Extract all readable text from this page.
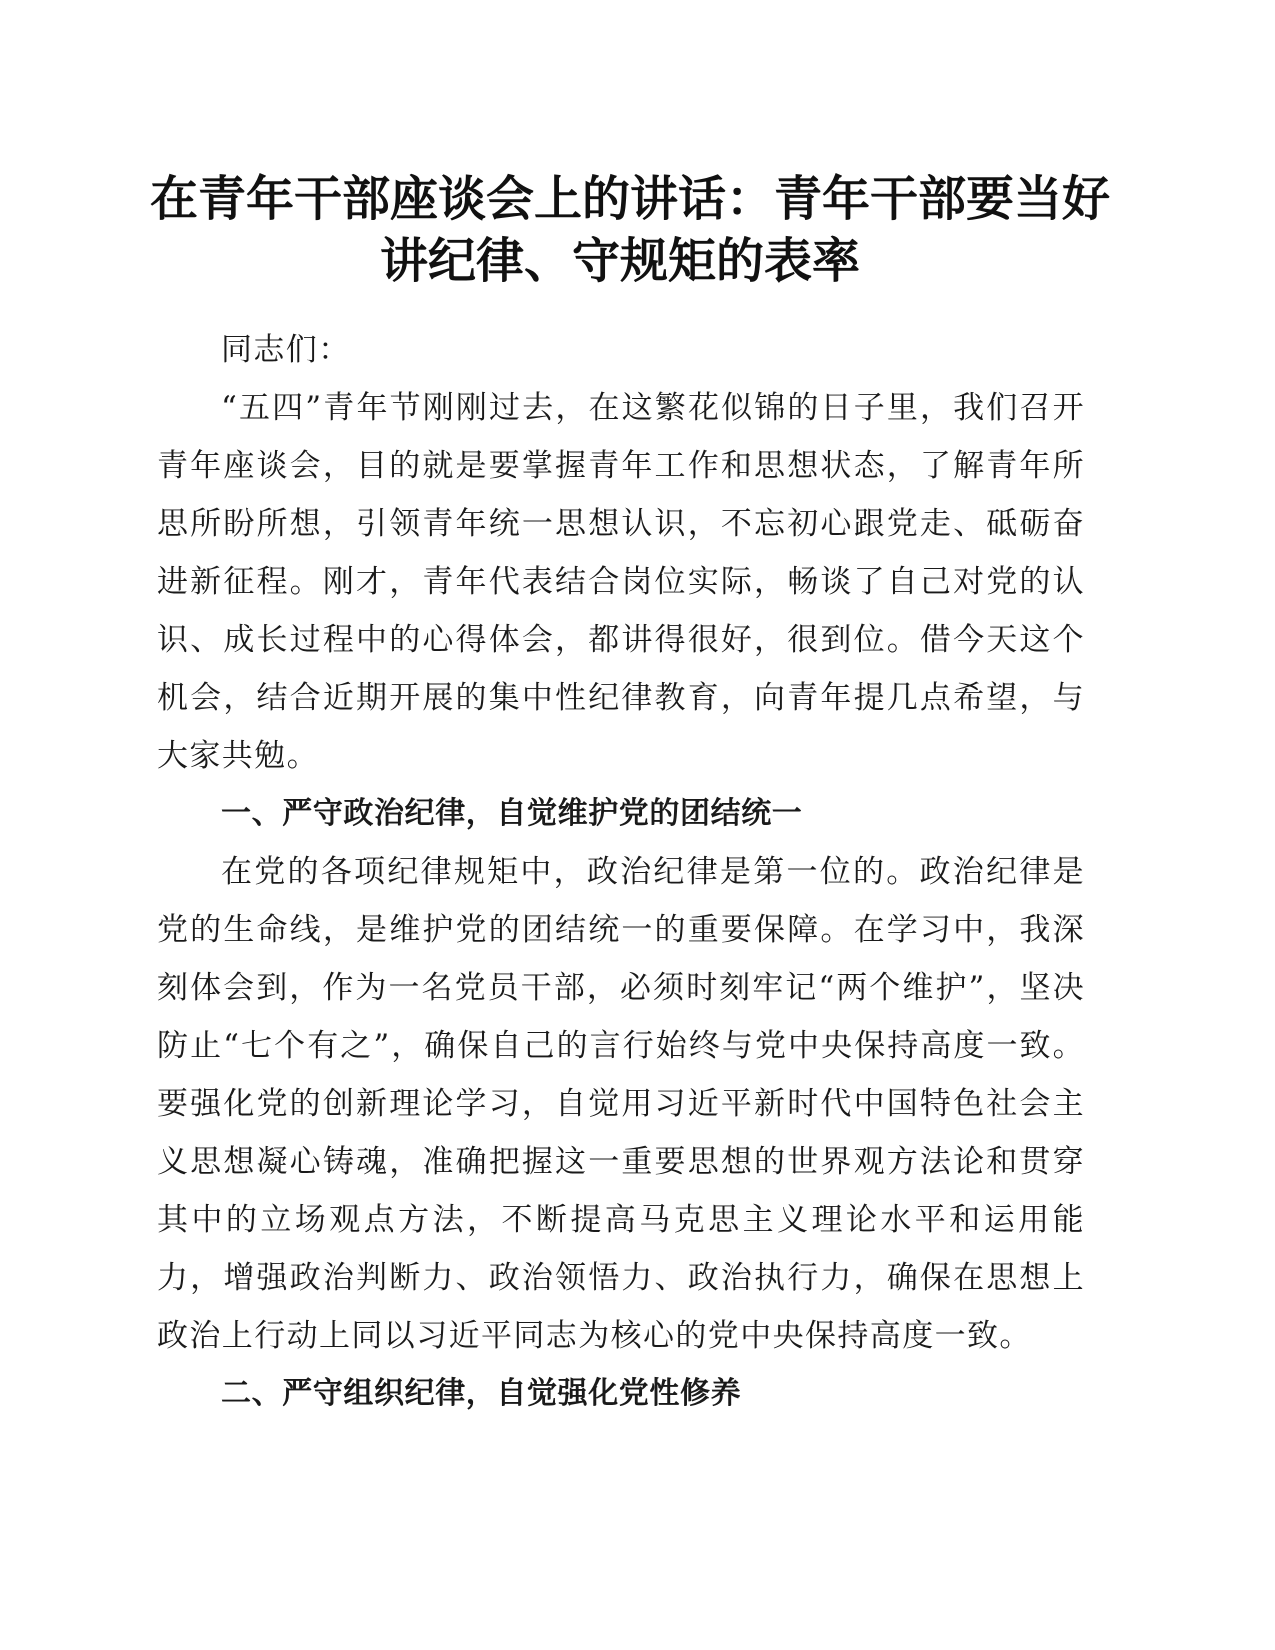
在青年干部座谈会上的讲话：青年干部要当好
讲纪律、守规矩的表率

同志们：

“五四”青年节刚刚过去，在这繁花似锦的日子里，我们召开青年座谈会，目的就是要掌握青年工作和思想状态，了解青年所思所盼所想，引领青年统一思想认识，不忘初心跟党走、砥砺奋进新征程。刚才，青年代表结合岗位实际，畅谈了自己对党的认识、成长过程中的心得体会，都讲得很好，很到位。借今天这个机会，结合近期开展的集中性纪律教育，向青年提几点希望，与大家共勉。

一、严守政治纪律，自觉维护党的团结统一

在党的各项纪律规矩中，政治纪律是第一位的。政治纪律是党的生命线，是维护党的团结统一的重要保障。在学习中，我深刻体会到，作为一名党员干部，必须时刻牢记“两个维护”，坚决防止“七个有之”，确保自己的言行始终与党中央保持高度一致。要强化党的创新理论学习，自觉用习近平新时代中国特色社会主义思想凝心铸魂，准确把握这一重要思想的世界观方法论和贯穿其中的立场观点方法，不断提高马克思主义理论水平和运用能力，增强政治判断力、政治领悟力、政治执行力，确保在思想上政治上行动上同以习近平同志为核心的党中央保持高度一致。

二、严守组织纪律，自觉强化党性修养
